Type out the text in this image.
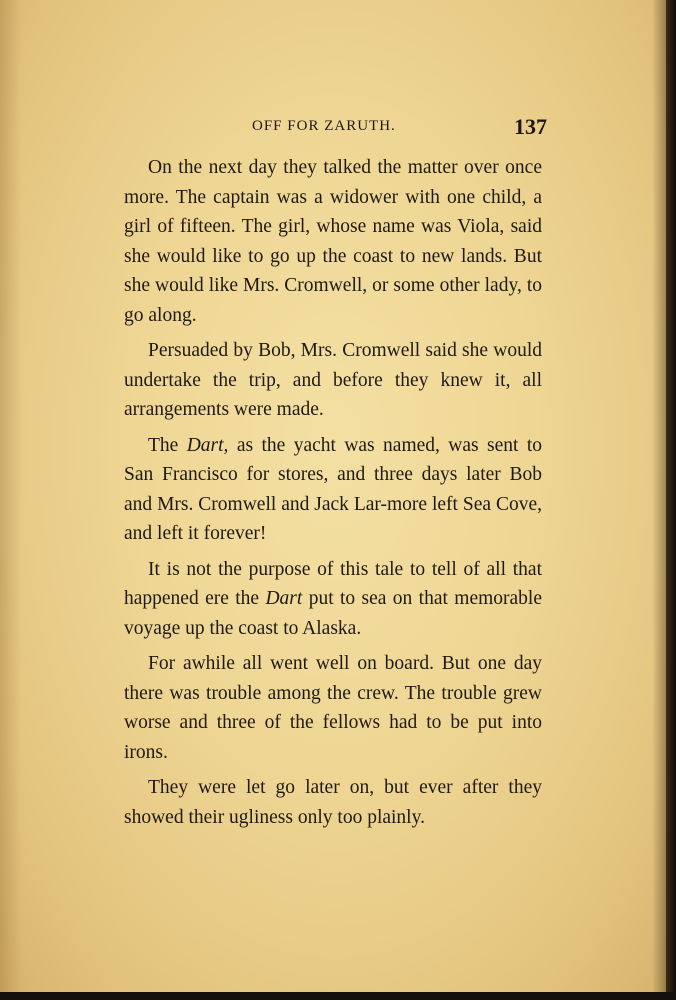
OFF FOR ZARUTH.	137

On the next day they talked the matter over once more. The captain was a widower with one child, a girl of fifteen. The girl, whose name was Viola, said she would like to go up the coast to new lands. But she would like Mrs. Cromwell, or some other lady, to go along.

Persuaded by Bob, Mrs. Cromwell said she would undertake the trip, and before they knew it, all arrangements were made.

The Dart, as the yacht was named, was sent to San Francisco for stores, and three days later Bob and Mrs. Cromwell and Jack Lar-more left Sea Cove, and left it forever!

It is not the purpose of this tale to tell of all that happened ere the Dart put to sea on that memorable voyage up the coast to Alaska.

For awhile all went well on board. But one day there was trouble among the crew. The trouble grew worse and three of the fellows had to be put into irons.

They were let go later on, but ever after they showed their ugliness only too plainly.
